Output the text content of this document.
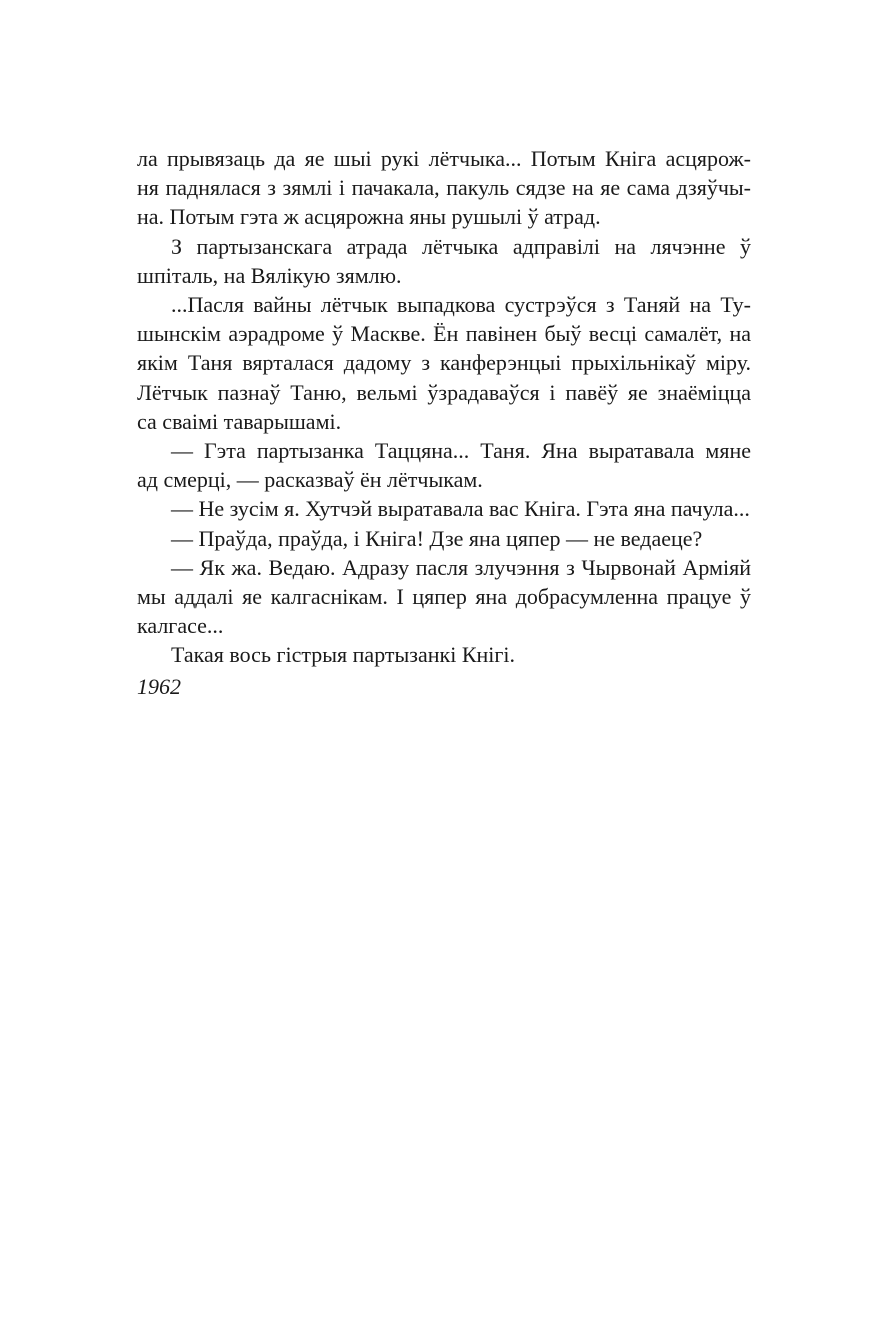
ла прывязаць да яе шыі рукі лётчыка... Потым Кніга асцярож-
ня паднялася з зямлі і пачакала, пакуль сядзе на яе сама дзяўчы-
на. Потым гэта ж асцярожна яны рушылі ў атрад.
З партызанскага атрада лётчыка адправілі на лячэнне ў
шпіталь, на Вялікую зямлю.
...Пасля вайны лётчык выпадкова сустрэўся з Таняй на Ту-
шынскім аэрадроме ў Маскве. Ён павінен быў весці самалёт, на
якім Таня вярталася дадому з канферэнцыі прыхільнікаў міру.
Лётчык пазнаў Таню, вельмі ўзрадаваўся і павёў яе знаёміцца
са сваімі таварышамі.
— Гэта партызанка Таццяна... Таня. Яна выратавала мяне
ад смерці, — расказваў ён лётчыкам.
— Не зусім я. Хутчэй выратавала вас Кніга. Гэта яна пачула...
— Праўда, праўда, і Кніга! Дзе яна цяпер — не ведаеце?
— Як жа. Ведаю. Адразу пасля злучэння з Чырвонай Арміяй
мы аддалі яе калгаснікам. І цяпер яна добрасумленна працуе ў
калгасе...
Такая вось гістрыя партызанкі Кнігі.
1962
